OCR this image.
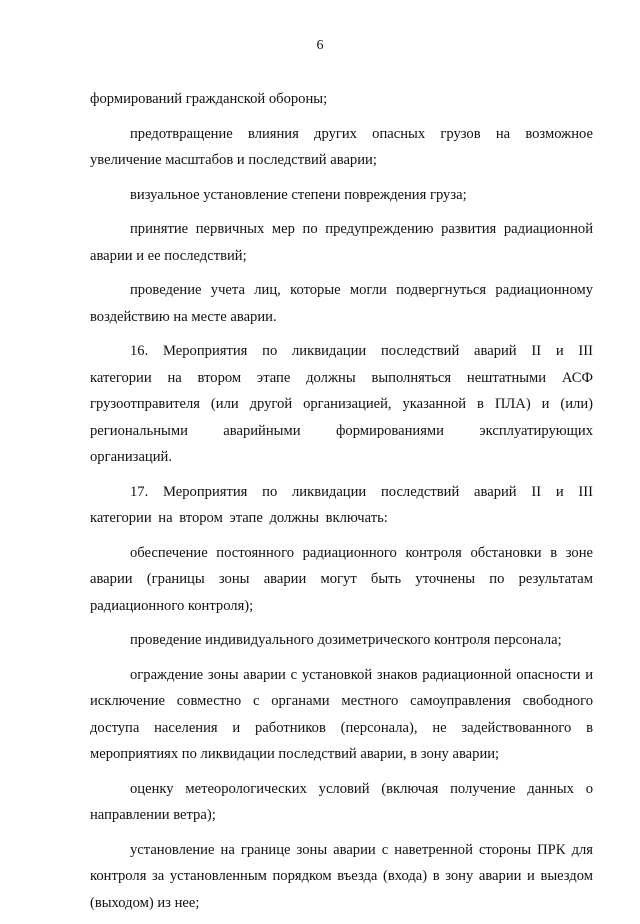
6

формирований гражданской обороны;

предотвращение влияния других опасных грузов на возможное увеличение масштабов и последствий аварии;

визуальное установление степени повреждения груза;

принятие первичных мер по предупреждению развития радиационной аварии и ее последствий;

проведение учета лиц, которые могли подвергнуться радиационному воздействию на месте аварии.

16. Мероприятия по ликвидации последствий аварий II и III категории на втором этапе должны выполняться нештатными АСФ грузоотправителя (или другой организацией, указанной в ПЛА) и (или) региональными аварийными формированиями эксплуатирующих организаций.

17. Мероприятия по ликвидации последствий аварий II и III категории на втором этапе должны включать:

обеспечение постоянного радиационного контроля обстановки в зоне аварии (границы зоны аварии могут быть уточнены по результатам радиационного контроля);

проведение индивидуального дозиметрического контроля персонала;

ограждение зоны аварии с установкой знаков радиационной опасности и исключение совместно с органами местного самоуправления свободного доступа населения и работников (персонала), не задействованного в мероприятиях по ликвидации последствий аварии, в зону аварии;

оценку метеорологических условий (включая получение данных о направлении ветра);

установление на границе зоны аварии с наветренной стороны ПРК для контроля за установленным порядком въезда (входа) в зону аварии и выездом (выходом) из нее;
